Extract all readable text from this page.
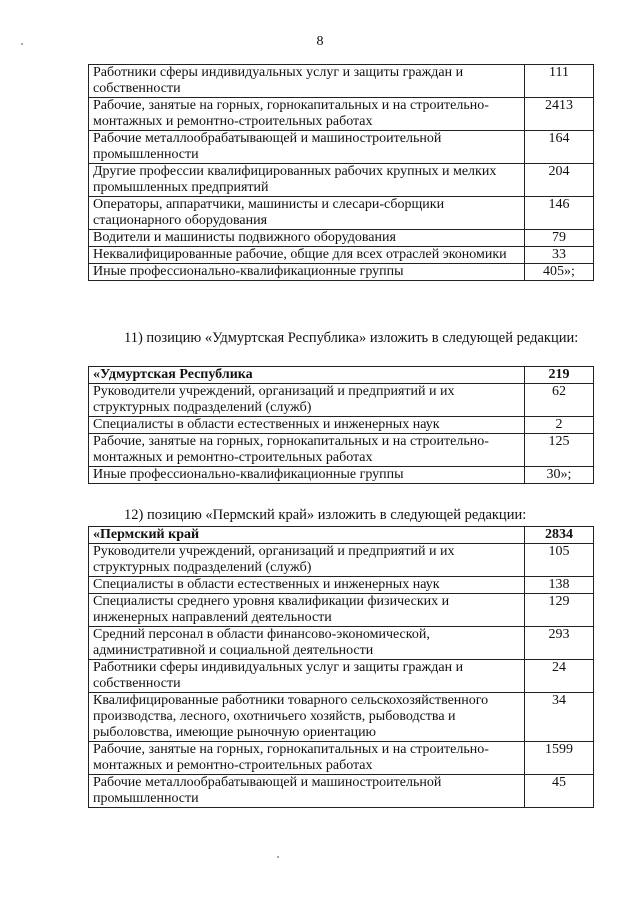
8
Работники сферы индивидуальных услуг и защиты граждан и собственности	111
Рабочие, занятые на горных, горнокапитальных и на строительно-монтажных и ремонтно-строительных работах	2413
Рабочие металлообрабатывающей и машиностроительной промышленности	164
Другие профессии квалифицированных рабочих крупных и мелких промышленных предприятий	204
Операторы, аппаратчики, машинисты и слесари-сборщики стационарного оборудования	146
Водители и машинисты подвижного оборудования	79
Неквалифицированные рабочие, общие для всех отраслей экономики	33
Иные профессионально-квалификационные группы	405»;
11) позицию «Удмуртская Республика» изложить в следующей редакции:
«Удмуртская Республика	219
Руководители учреждений, организаций и предприятий и их структурных подразделений (служб)	62
Специалисты в области естественных и инженерных наук	2
Рабочие, занятые на горных, горнокапитальных и на строительно-монтажных и ремонтно-строительных работах	125
Иные профессионально-квалификационные группы	30»;
12) позицию «Пермский край» изложить в следующей редакции:
«Пермский край	2834
Руководители учреждений, организаций и предприятий и их структурных подразделений (служб)	105
Специалисты в области естественных и инженерных наук	138
Специалисты среднего уровня квалификации физических и инженерных направлений деятельности	129
Средний персонал в области финансово-экономической, административной и социальной деятельности	293
Работники сферы индивидуальных услуг и защиты граждан и собственности	24
Квалифицированные работники товарного сельскохозяйственного производства, лесного, охотничьего хозяйств, рыбоводства и рыболовства, имеющие рыночную ориентацию	34
Рабочие, занятые на горных, горнокапитальных и на строительно-монтажных и ремонтно-строительных работах	1599
Рабочие металлообрабатывающей и машиностроительной промышленности	45
